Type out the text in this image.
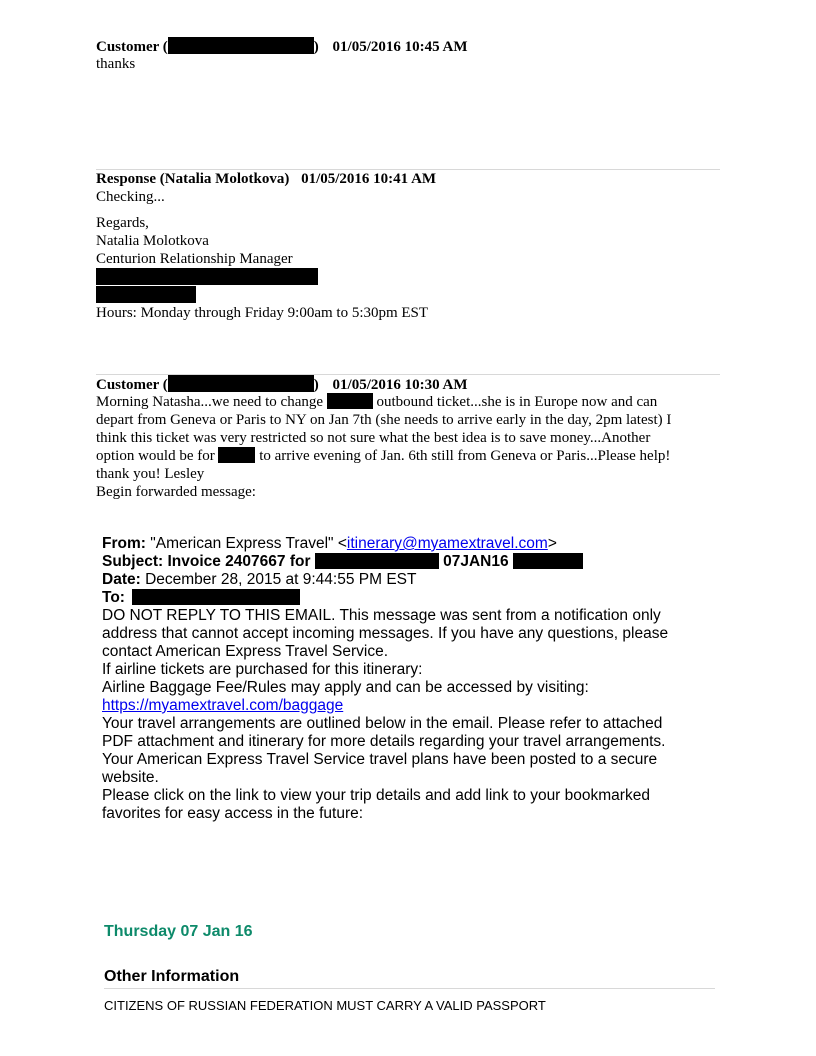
Customer (	) 01/05/2016 10:45 AM
thanks
Response (Natalia Molotkova) 01/05/2016 10:41 AM
Checking...
Regards,
Natalia Molotkova
Centurion Relationship Manager
Hours: Monday through Friday 9:00am to 5:30pm EST
Customer (	) 01/05/2016 10:30 AM
Morning Natasha...we need to change	outbound ticket...she is in Europe now and can
depart from Geneva or Paris to NY on Jan 7th (she needs to arrive early in the day, 2pm latest) I
think this ticket was very restricted so not sure what the best idea is to save money...Another
option would be for	to arrive evening of Jan. 6th still from Geneva or Paris...Please help!
thank you! Lesley
Begin forwarded message:
From: "American Express Travel" <itinerary@myamextravel.com>
Subject: Invoice 2407667 for	07JAN16
Date: December 28, 2015 at 9:44:55 PM EST
To:
DO NOT REPLY TO THIS EMAIL. This message was sent from a notification only
address that cannot accept incoming messages. If you have any questions, please
contact American Express Travel Service.
If airline tickets are purchased for this itinerary:
Airline Baggage Fee/Rules may apply and can be accessed by visiting:
https://myamextravel.com/baggage
Your travel arrangements are outlined below in the email. Please refer to attached
PDF attachment and itinerary for more details regarding your travel arrangements.
Your American Express Travel Service travel plans have been posted to a secure
website.
Please click on the link to view your trip details and add link to your bookmarked
favorites for easy access in the future:
Thursday 07 Jan 16
Other Information
CITIZENS OF RUSSIAN FEDERATION MUST CARRY A VALID PASSPORT
